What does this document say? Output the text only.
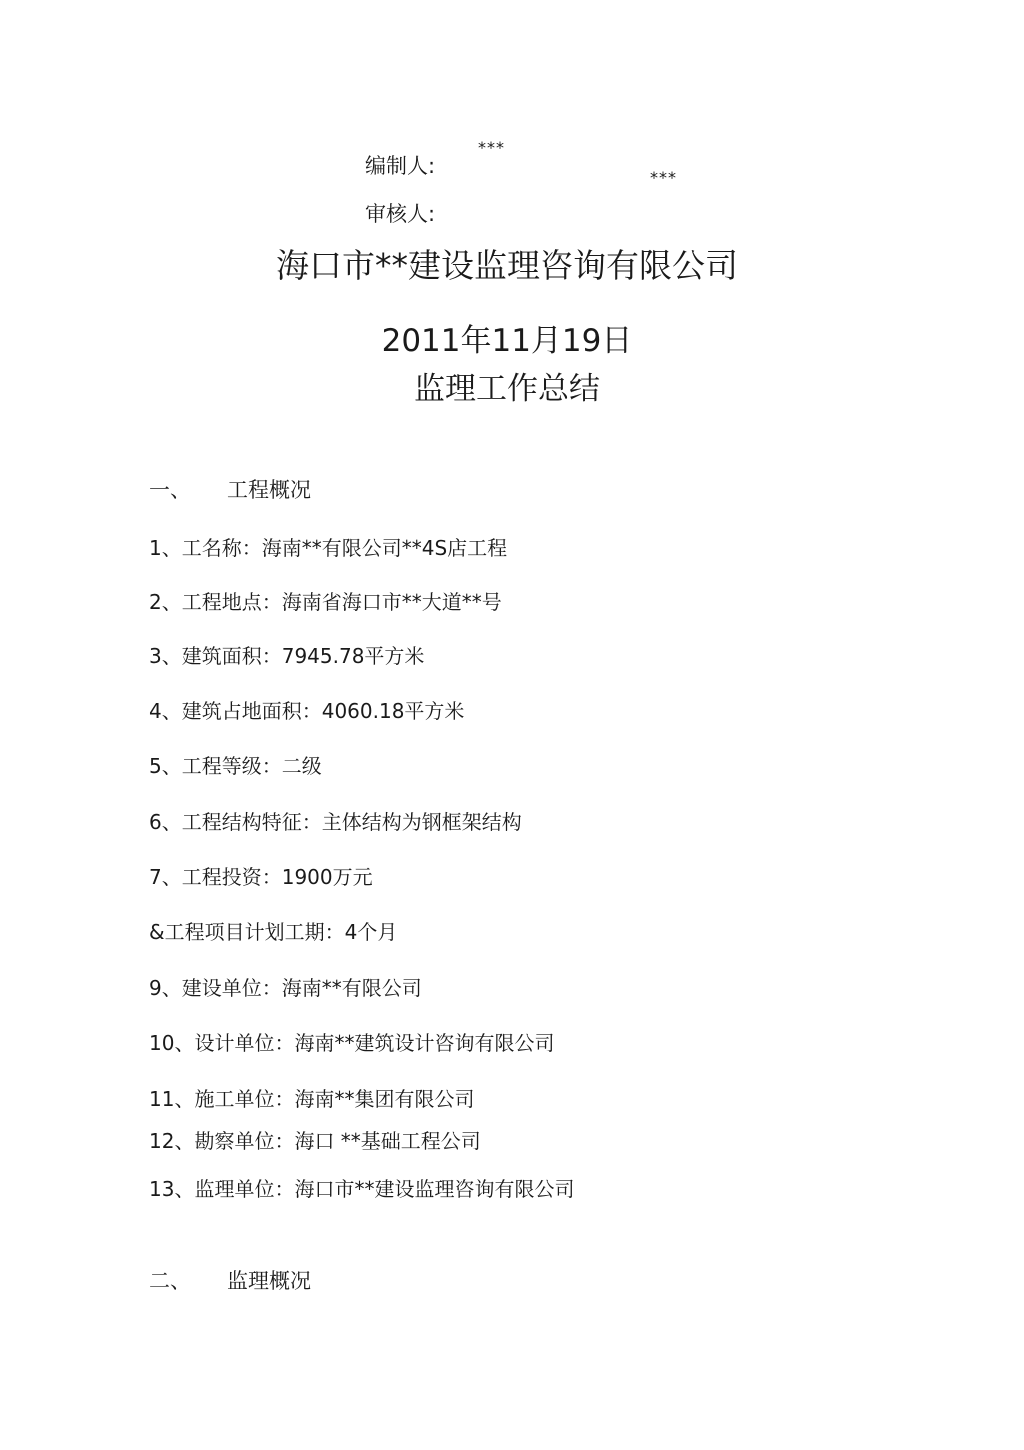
编制人:
***
审核人:
***
海口市**建设监理咨询有限公司
2011年11月19日
监理工作总结
一、 工程概况
1、工名称：海南**有限公司**4S店工程
2、工程地点：海南省海口市**大道**号
3、建筑面积：7945.78平方米
4、建筑占地面积：4060.18平方米
5、工程等级：二级
6、工程结构特征：主体结构为钢框架结构
7、工程投资：1900万元
&工程项目计划工期：4个月
9、建设单位：海南**有限公司
10、设计单位：海南**建筑设计咨询有限公司
11、施工单位：海南**集团有限公司
12、勘察单位：海口 **基础工程公司
13、监理单位：海口市**建设监理咨询有限公司
二、 监理概况
